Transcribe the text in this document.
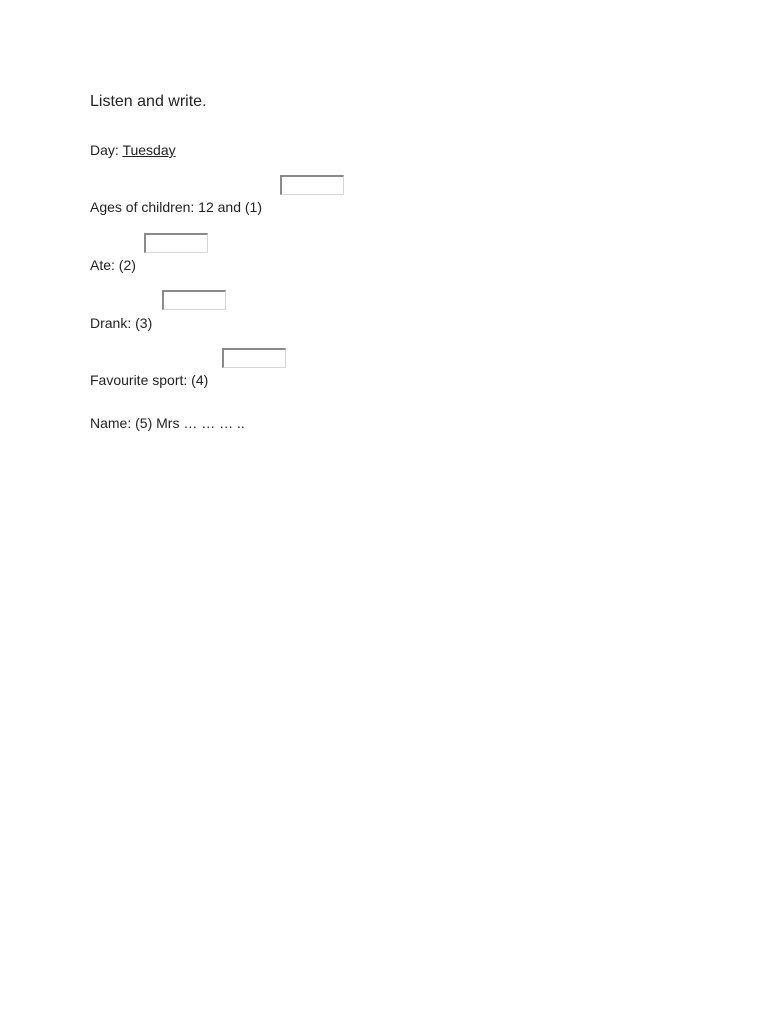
Listen and write.
Day: Tuesday
Ages of children: 12 and (1)
Ate: (2)
Drank: (3)
Favourite sport: (4)
Name: (5) Mrs … … … ..
